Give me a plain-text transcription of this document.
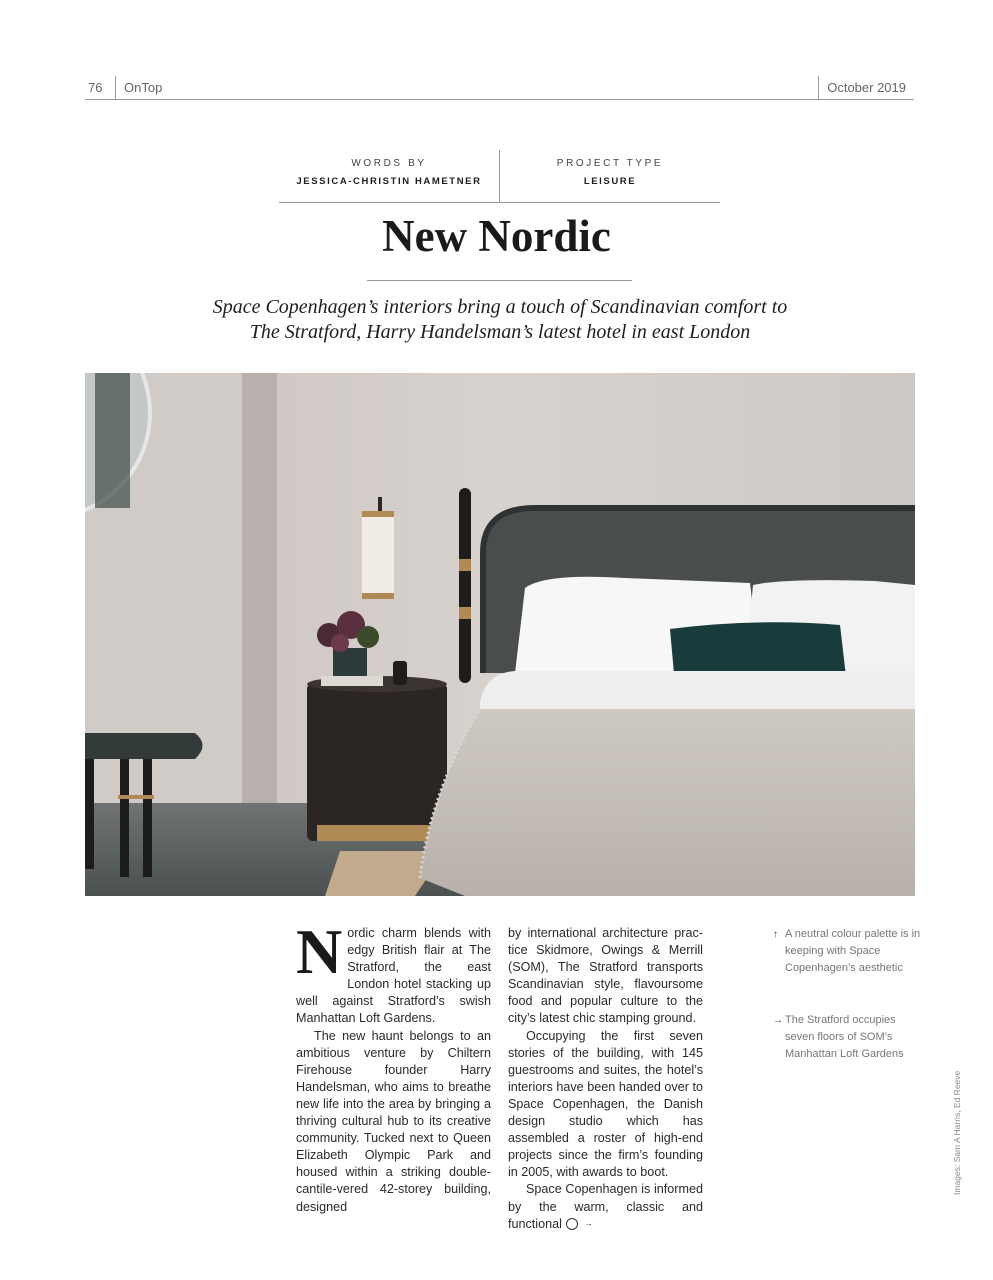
76 OnTop	October 2019
WORDS BY
JESSICA-CHRISTIN HAMETNER
PROJECT TYPE
LEISURE
New Nordic
Space Copenhagen’s interiors bring a touch of Scandinavian comfort to
The Stratford, Harry Handelsman’s latest hotel in east London

Nordic charm blends with edgy British flair at The Stratford, the east London hotel stacking up well against Stratford’s swish Manhattan Loft Gardens.

The new haunt belongs to an ambitious venture by Chiltern Firehouse founder Harry Handelsman, who aims to breathe new life into the area by bringing a thriving cultural hub to its creative community. Tucked next to Queen Elizabeth Olympic Park and housed within a striking double-cantile-vered 42-storey building, designed

by international architecture prac-tice Skidmore, Owings & Merrill (SOM), The Stratford transports Scandinavian style, flavoursome food and popular culture to the city’s latest chic stamping ground.

Occupying the first seven stories of the building, with 145 guestrooms and suites, the hotel’s interiors have been handed over to Space Copenhagen, the Danish design studio which has assembled a roster of high-end projects since the firm’s founding in 2005, with awards to boot.

Space Copenhagen is informed by the warm, classic and functional	→

↑ A neutral colour palette is in keeping with Space Copenhagen’s aesthetic
→ The Stratford occupies seven floors of SOM’s Manhattan Loft Gardens
Images: Sam A Harris, Ed Reeve
